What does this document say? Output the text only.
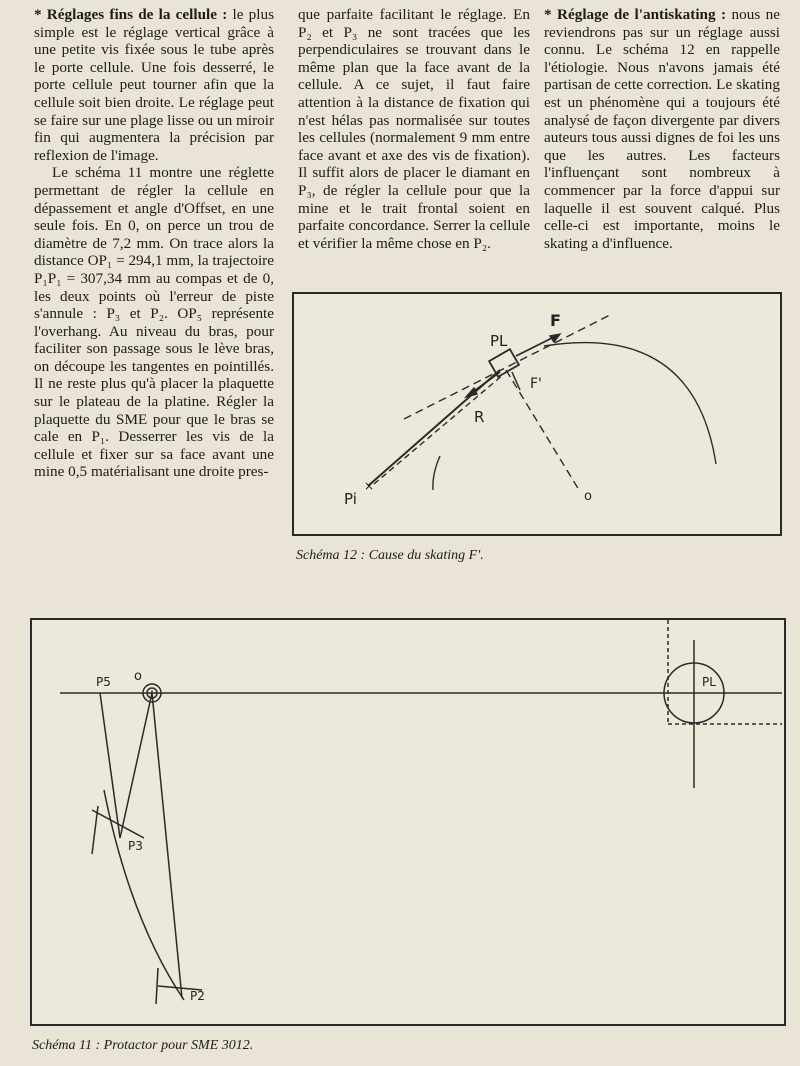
* Réglages fins de la cellule : le plus simple est le réglage vertical grâce à une petite vis fixée sous le tube après le porte cellule. Une fois desserré, le porte cellule peut tourner afin que la cellule soit bien droite. Le réglage peut se faire sur une plage lisse ou un miroir fin qui augmentera la précision par reflexion de l'image.

Le schéma 11 montre une réglette permettant de régler la cellule en dépassement et angle d'Offset, en une seule fois. En 0, on perce un trou de diamètre de 7,2 mm. On trace alors la distance OP₁ = 294,1 mm, la trajectoire P₁P₁ = 307,34 mm au compas et de 0, les deux points où l'erreur de piste s'annule : P₃ et P₂. OP₅ représente l'overhang. Au niveau du bras, pour faciliter son passage sous le lève bras, on découpe les tangentes en pointillés. Il ne reste plus qu'à placer la plaquette sur le plateau de la platine. Régler la plaquette du SME pour que le bras se cale en P₁. Desserrer les vis de la cellule et fixer sur sa face avant une mine 0,5 matérialisant une droite pres-

que parfaite facilitant le réglage. En P₂ et P₃ ne sont tracées que les perpendiculaires se trouvant dans le même plan que la face avant de la cellule. A ce sujet, il faut faire attention à la distance de fixation qui n'est hélas pas normalisée sur toutes les cellules (normalement 9 mm entre face avant et axe des vis de fixation). Il suffit alors de placer le diamant en P₃, de régler la cellule pour que la mine et le trait frontal soient en parfaite concordance. Serrer la cellule et vérifier la même chose en P₂.

* Réglage de l'antiskating : nous ne reviendrons pas sur un réglage aussi connu. Le schéma 12 en rappelle l'étiologie. Nous n'avons jamais été partisan de cette correction. Le skating est un phénomène qui a toujours été analysé de façon divergente par divers auteurs tous aussi dignes de foi les uns que les autres. Les facteurs l'influençant sont nombreux à commencer par la force d'appui sur laquelle il est souvent calqué. Plus celle-ci est importante, moins le skating a d'influence.

PL
F
F'
R
Pi	o
×
Schéma 12 : Cause du skating F'.
P5 o
P3
P2
PL
Schéma 11 : Protactor pour SME 3012.
